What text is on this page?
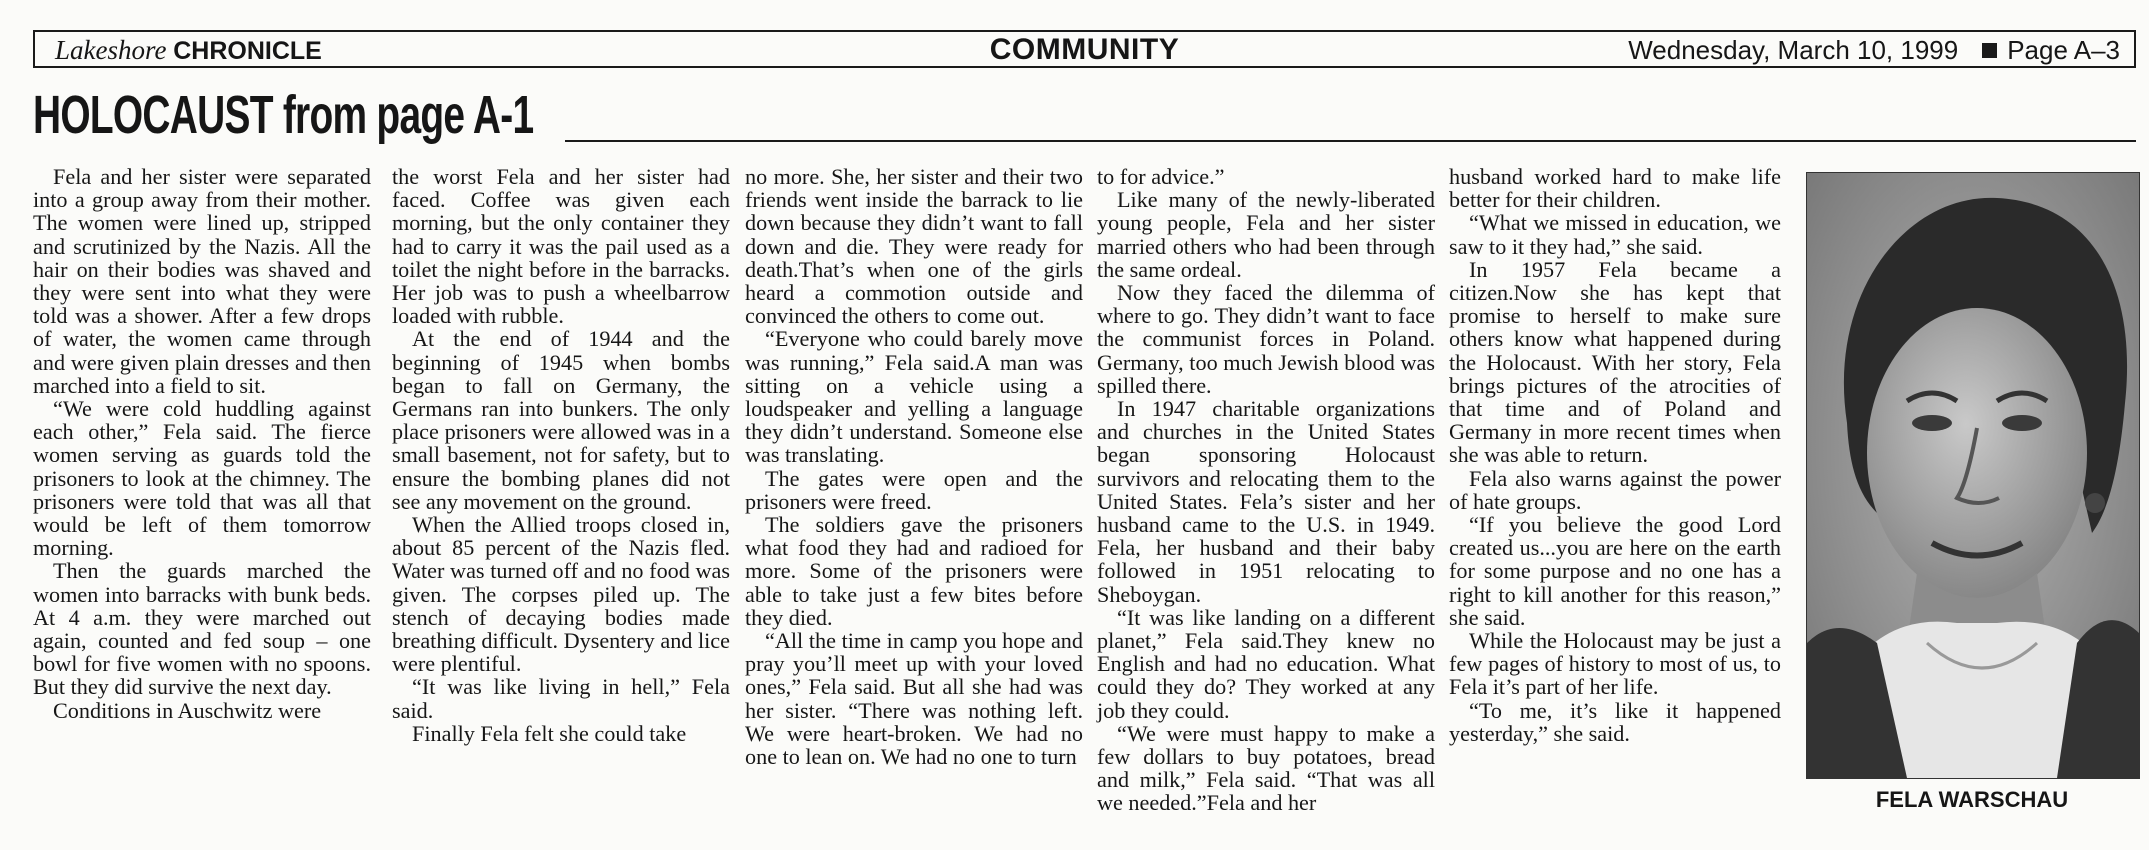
Lakeshore CHRONICLE	COMMUNITY	Wednesday, March 10, 1999 Page A–3
HOLOCAUST from page A-1

Fela and her sister were separated into a group away from their mother. The women were lined up, stripped and scrutinized by the Nazis. All the hair on their bodies was shaved and they were sent into what they were told was a shower. After a few drops of water, the women came through and were given plain dresses and then marched into a field to sit.

“We were cold huddling against each other,” Fela said. The fierce women serving as guards told the prisoners to look at the chimney. The prisoners were told that was all that would be left of them tomorrow morning.

Then the guards marched the women into barracks with bunk beds. At 4 a.m. they were marched out again, counted and fed soup – one bowl for five women with no spoons. But they did survive the next day.

Conditions in Auschwitz were

the worst Fela and her sister had faced. Coffee was given each morning, but the only container they had to carry it was the pail used as a toilet the night before in the barracks. Her job was to push a wheelbarrow loaded with rubble.

At the end of 1944 and the beginning of 1945 when bombs began to fall on Germany, the Germans ran into bunkers. The only place prisoners were allowed was in a small basement, not for safety, but to ensure the bombing planes did not see any movement on the ground.

When the Allied troops closed in, about 85 percent of the Nazis fled. Water was turned off and no food was given. The corpses piled up. The stench of decaying bodies made breathing difficult. Dysentery and lice were plentiful.

“It was like living in hell,” Fela said.

Finally Fela felt she could take

no more. She, her sister and their two friends went inside the barrack to lie down because they didn’t want to fall down and die. They were ready for death.That’s when one of the girls heard a commotion outside and convinced the others to come out.

“Everyone who could barely move was running,” Fela said.A man was sitting on a vehicle using a loudspeaker and yelling a language they didn’t understand. Someone else was translating.

The gates were open and the prisoners were freed.

The soldiers gave the prisoners what food they had and radioed for more. Some of the prisoners were able to take just a few bites before they died.

“All the time in camp you hope and pray you’ll meet up with your loved ones,” Fela said. But all she had was her sister. “There was nothing left. We were heart-broken. We had no one to lean on. We had no one to turn

to for advice.”

Like many of the newly-liberated young people, Fela and her sister married others who had been through the same ordeal.

Now they faced the dilemma of where to go. They didn’t want to face the communist forces in Poland. Germany, too much Jewish blood was spilled there.

In 1947 charitable organizations and churches in the United States began sponsoring Holocaust survivors and relocating them to the United States. Fela’s sister and her husband came to the U.S. in 1949. Fela, her husband and their baby followed in 1951 relocating to Sheboygan.

“It was like landing on a different planet,” Fela said.They knew no English and had no education. What could they do? They worked at any job they could.

“We were must happy to make a few dollars to buy potatoes, bread and milk,” Fela said. “That was all we needed.”Fela and her

husband worked hard to make life better for their children.

“What we missed in education, we saw to it they had,” she said.

In 1957 Fela became a citizen.Now she has kept that promise to herself to make sure others know what happened during the Holocaust. With her story, Fela brings pictures of the atrocities of that time and of Poland and Germany in more recent times when she was able to return.

Fela also warns against the power of hate groups.

“If you believe the good Lord created us...you are here on the earth for some purpose and no one has a right to kill another for this reason,” she said.

While the Holocaust may be just a few pages of history to most of us, to Fela it’s part of her life.

“To me, it’s like it happened yesterday,” she said.

FELA WARSCHAU
